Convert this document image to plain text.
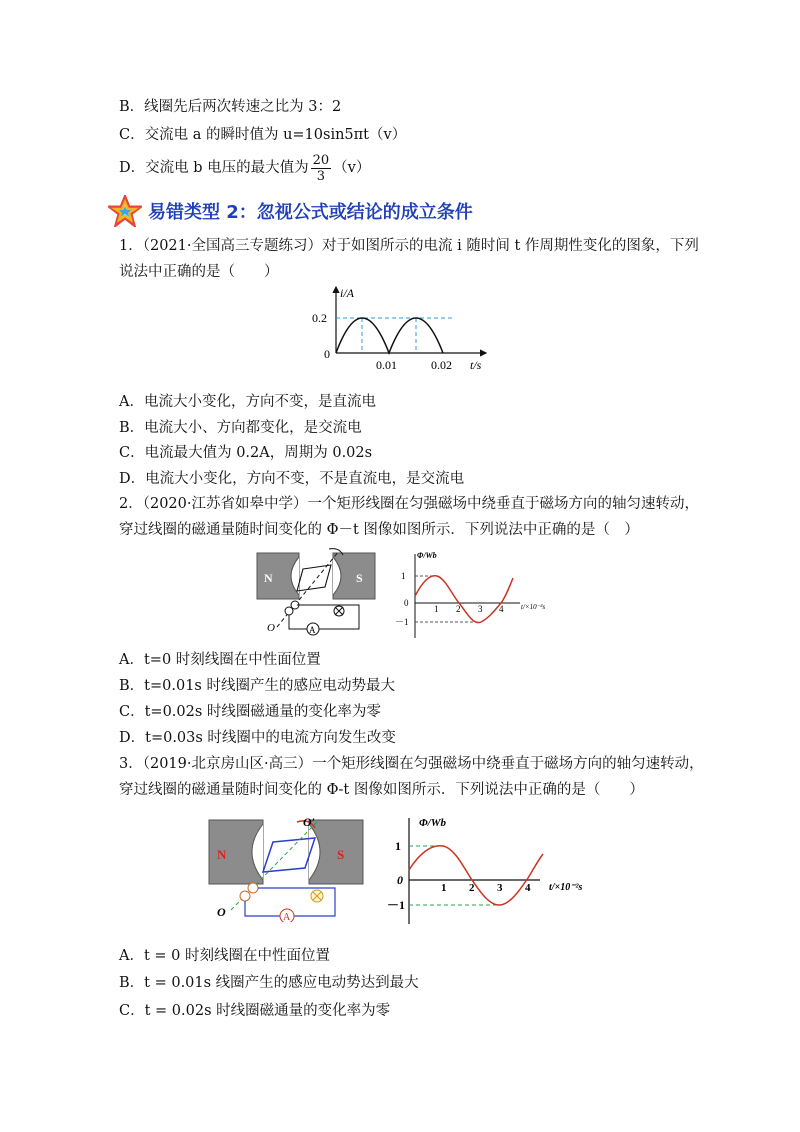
B．线圈先后两次转速之比为 3：2
C．交流电 a 的瞬时值为 u=10sin5πt（v）
D．交流电 b 电压的最大值为 $\frac{20}{3} (v)$
易错类型 2：忽视公式或结论的成立条件
1．（2021·全国高三专题练习）对于如图所示的电流 i 随时间 t 作周期性变化的图象，下列
说法中正确的是（　　）
i/A
0.2
0
0.01	0.02 t/s
A．电流大小变化，方向不变，是直流电
B．电流大小、方向都变化，是交流电
C．电流最大值为 0.2A，周期为 0.02s
D．电流大小变化，方向不变，不是直流电，是交流电
2．（2020·江苏省如皋中学）一个矩形线圈在匀强磁场中绕垂直于磁场方向的轴匀速转动，
穿过线圈的磁通量随时间变化的 Φ－t 图像如图所示．下列说法中正确的是（　）
N	S
A
O
Φ/Wb
1
－1
0
1 2 3 4	t/×10⁻²s
A．t=0 时刻线圈在中性面位置
B．t=0.01s 时线圈产生的感应电动势最大
C．t=0.02s 时线圈磁通量的变化率为零
D．t=0.03s 时线圈中的电流方向发生改变
3．（2019·北京房山区·高三）一个矩形线圈在匀强磁场中绕垂直于磁场方向的轴匀速转动，
穿过线圈的磁通量随时间变化的 Φ-t 图像如图所示．下列说法中正确的是（　　）
N	S
A
O
O′	Φ/Wb
1
－1
0
1 2 3 4 t/×10⁻²s
A．t = 0 时刻线圈在中性面位置
B．t = 0.01s 线圈产生的感应电动势达到最大
C．t = 0.02s 时线圈磁通量的变化率为零
